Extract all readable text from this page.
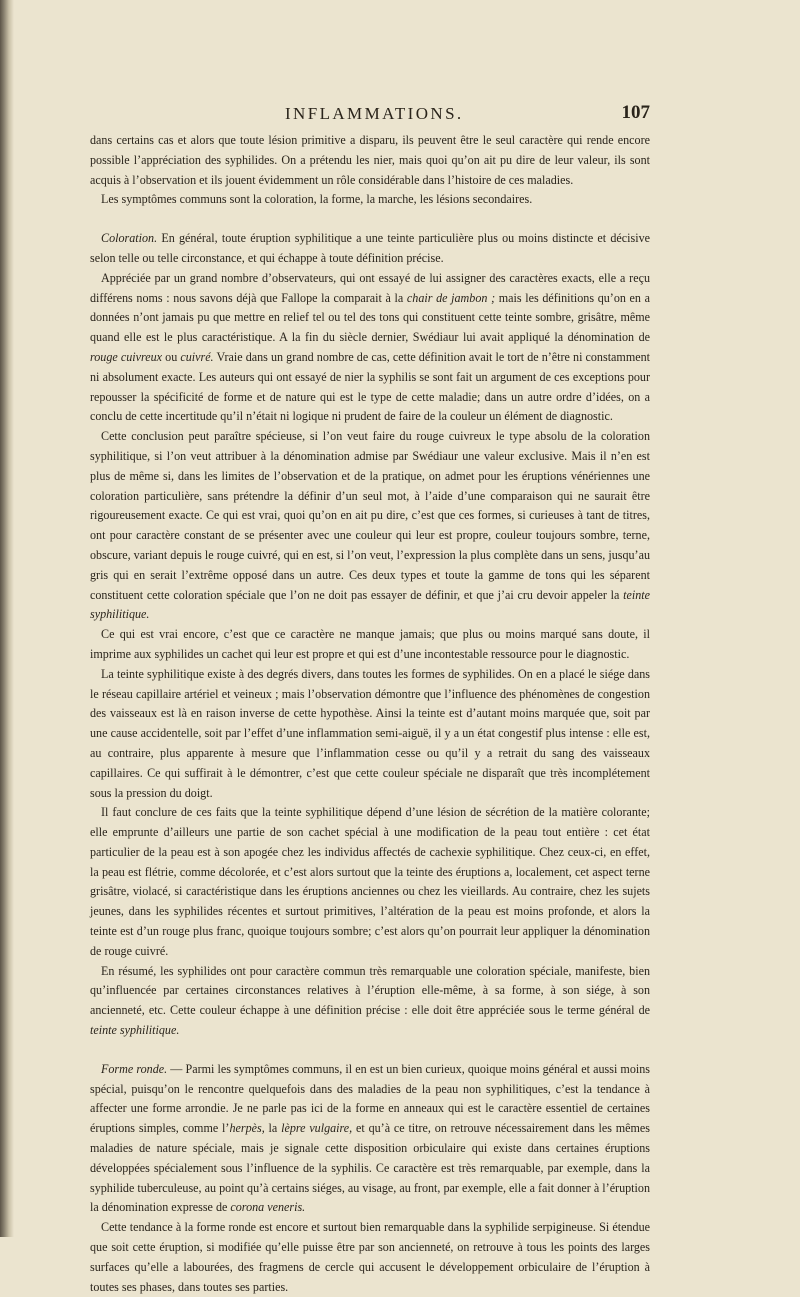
INFLAMMATIONS.	107

dans certains cas et alors que toute lésion primitive a disparu, ils peuvent être le seul caractère qui rende encore possible l’appréciation des syphilides. On a prétendu les nier, mais quoi qu’on ait pu dire de leur valeur, ils sont acquis à l’observation et ils jouent évidemment un rôle considérable dans l’histoire de ces maladies.

Les symptômes communs sont la coloration, la forme, la marche, les lésions secondaires.

Coloration. En général, toute éruption syphilitique a une teinte particulière plus ou moins distincte et décisive selon telle ou telle circonstance, et qui échappe à toute définition précise.

Appréciée par un grand nombre d’observateurs, qui ont essayé de lui assigner des caractères exacts, elle a reçu différens noms : nous savons déjà que Fallope la comparait à la chair de jambon ; mais les définitions qu’on en a données n’ont jamais pu que mettre en relief tel ou tel des tons qui constituent cette teinte sombre, grisâtre, même quand elle est le plus caractéristique. A la fin du siècle dernier, Swédiaur lui avait appliqué la dénomination de rouge cuivreux ou cuivré. Vraie dans un grand nombre de cas, cette définition avait le tort de n’être ni constamment ni absolument exacte. Les auteurs qui ont essayé de nier la syphilis se sont fait un argument de ces exceptions pour repousser la spécificité de forme et de nature qui est le type de cette maladie; dans un autre ordre d’idées, on a conclu de cette incertitude qu’il n’était ni logique ni prudent de faire de la couleur un élément de diagnostic.

Cette conclusion peut paraître spécieuse, si l’on veut faire du rouge cuivreux le type absolu de la coloration syphilitique, si l’on veut attribuer à la dénomination admise par Swédiaur une valeur exclusive. Mais il n’en est plus de même si, dans les limites de l’observation et de la pratique, on admet pour les éruptions vénériennes une coloration particulière, sans prétendre la définir d’un seul mot, à l’aide d’une comparaison qui ne saurait être rigoureusement exacte. Ce qui est vrai, quoi qu’on en ait pu dire, c’est que ces formes, si curieuses à tant de titres, ont pour caractère constant de se présenter avec une couleur qui leur est propre, couleur toujours sombre, terne, obscure, variant depuis le rouge cuivré, qui en est, si l’on veut, l’expression la plus complète dans un sens, jusqu’au gris qui en serait l’extrême opposé dans un autre. Ces deux types et toute la gamme de tons qui les séparent constituent cette coloration spéciale que l’on ne doit pas essayer de définir, et que j’ai cru devoir appeler la teinte syphilitique.

Ce qui est vrai encore, c’est que ce caractère ne manque jamais; que plus ou moins marqué sans doute, il imprime aux syphilides un cachet qui leur est propre et qui est d’une incontestable ressource pour le diagnostic.

La teinte syphilitique existe à des degrés divers, dans toutes les formes de syphilides. On en a placé le siége dans le réseau capillaire artériel et veineux ; mais l’observation démontre que l’influence des phénomènes de congestion des vaisseaux est là en raison inverse de cette hypothèse. Ainsi la teinte est d’autant moins marquée que, soit par une cause accidentelle, soit par l’effet d’une inflammation semi-aiguë, il y a un état congestif plus intense : elle est, au contraire, plus apparente à mesure que l’inflammation cesse ou qu’il y a retrait du sang des vaisseaux capillaires. Ce qui suffirait à le démontrer, c’est que cette couleur spéciale ne disparaît que très incomplétement sous la pression du doigt.

Il faut conclure de ces faits que la teinte syphilitique dépend d’une lésion de sécrétion de la matière colorante; elle emprunte d’ailleurs une partie de son cachet spécial à une modification de la peau tout entière : cet état particulier de la peau est à son apogée chez les individus affectés de cachexie syphilitique. Chez ceux-ci, en effet, la peau est flétrie, comme décolorée, et c’est alors surtout que la teinte des éruptions a, localement, cet aspect terne grisâtre, violacé, si caractéristique dans les éruptions anciennes ou chez les vieillards. Au contraire, chez les sujets jeunes, dans les syphilides récentes et surtout primitives, l’altération de la peau est moins profonde, et alors la teinte est d’un rouge plus franc, quoique toujours sombre; c’est alors qu’on pourrait leur appliquer la dénomination de rouge cuivré.

En résumé, les syphilides ont pour caractère commun très remarquable une coloration spéciale, manifeste, bien qu’influencée par certaines circonstances relatives à l’éruption elle-même, à sa forme, à son siége, à son ancienneté, etc. Cette couleur échappe à une définition précise : elle doit être appréciée sous le terme général de teinte syphilitique.

Forme ronde. — Parmi les symptômes communs, il en est un bien curieux, quoique moins général et aussi moins spécial, puisqu’on le rencontre quelquefois dans des maladies de la peau non syphilitiques, c’est la tendance à affecter une forme arrondie. Je ne parle pas ici de la forme en anneaux qui est le caractère essentiel de certaines éruptions simples, comme l’herpès, la lèpre vulgaire, et qu’à ce titre, on retrouve nécessairement dans les mêmes maladies de nature spéciale, mais je signale cette disposition orbiculaire qui existe dans certaines éruptions développées spécialement sous l’influence de la syphilis. Ce caractère est très remarquable, par exemple, dans la syphilide tuberculeuse, au point qu’à certains siéges, au visage, au front, par exemple, elle a fait donner à l’éruption la dénomination expresse de corona veneris.

Cette tendance à la forme ronde est encore et surtout bien remarquable dans la syphilide serpigineuse. Si étendue que soit cette éruption, si modifiée qu’elle puisse être par son ancienneté, on retrouve à tous les points des larges surfaces qu’elle a labourées, des fragmens de cercle qui accusent le développement orbiculaire de l’éruption à toutes ses phases, dans toutes ses parties.
